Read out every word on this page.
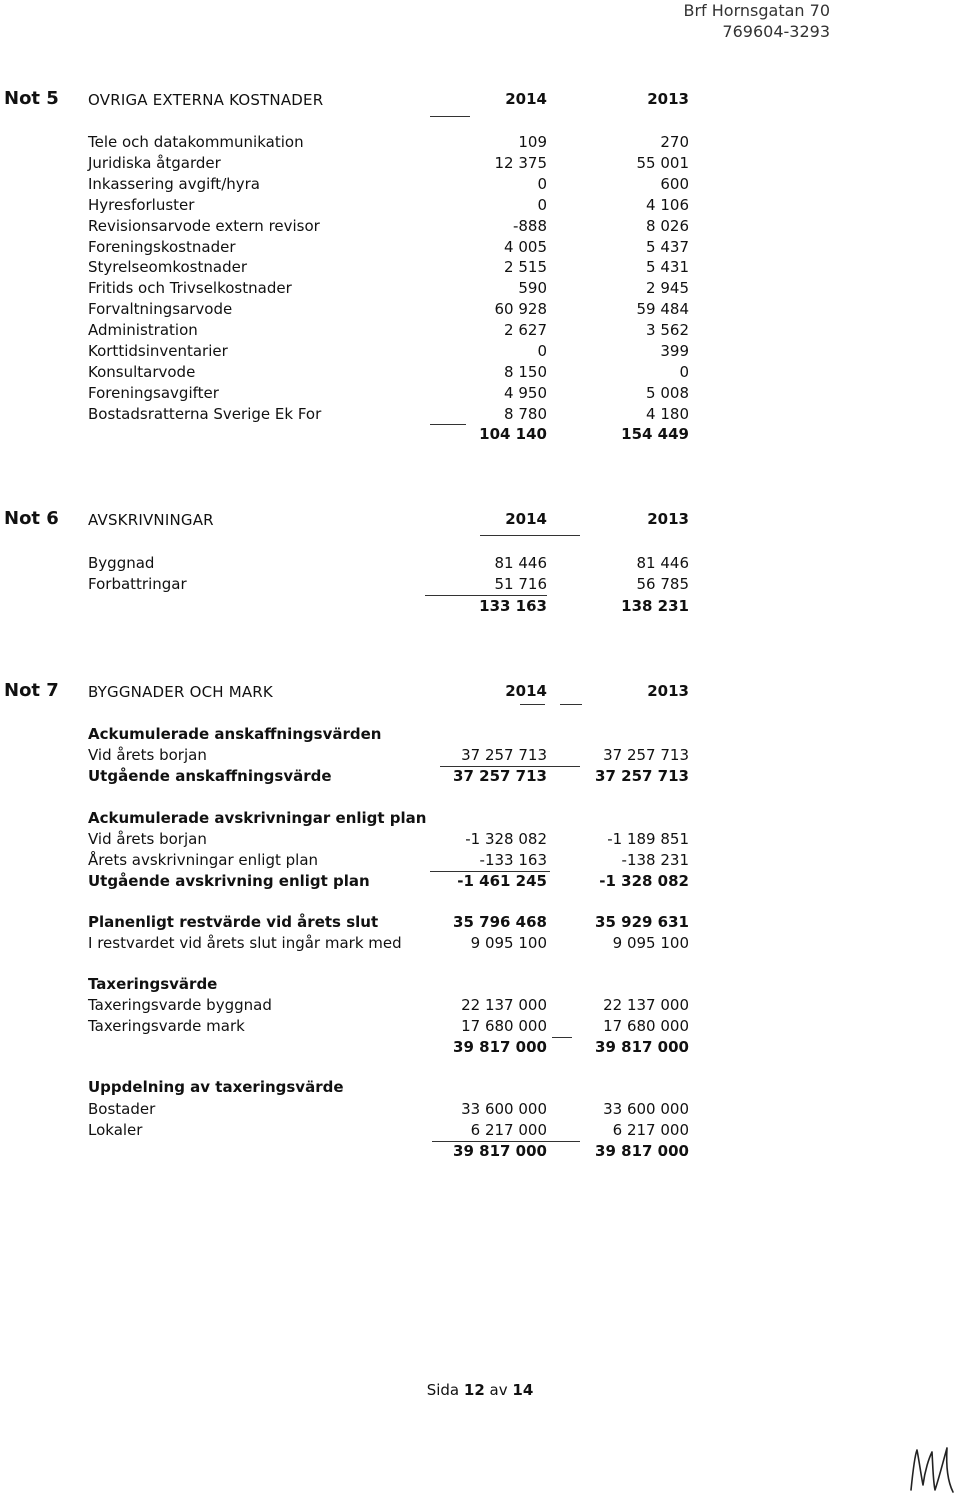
Brf Hornsgatan 70
769604-3293
Not 5 OVRIGA EXTERNA KOSTNADER	2014	2013
Tele och datakommunikation	109	270
Juridiska åtgarder	12 375	55 001
Inkassering avgift/hyra	0	600
Hyresforluster	0	4 106
Revisionsarvode extern revisor	-888	8 026
Foreningskostnader	4 005	5 437
Styrelseomkostnader	2 515	5 431
Fritids och Trivselkostnader	590	2 945
Forvaltningsarvode	60 928	59 484
Administration	2 627	3 562
Korttidsinventarier	0	399
Konsultarvode	8 150	0
Foreningsavgifter	4 950	5 008
Bostadsratterna Sverige Ek For	8 780	4 180
104 140	154 449
Not 6 AVSKRIVNINGAR	2014	2013
Byggnad	81 446	81 446
Forbattringar	51 716	56 785
133 163	138 231
Not 7 BYGGNADER OCH MARK	2014	2013
Ackumulerade anskaffningsvärden
Vid årets borjan	37 257 713	37 257 713
Utgående anskaffningsvärde	37 257 713	37 257 713
Ackumulerade avskrivningar enligt plan
Vid årets borjan	-1 328 082	-1 189 851
Årets avskrivningar enligt plan	-133 163	-138 231
Utgående avskrivning enligt plan	-1 461 245	-1 328 082
Planenligt restvärde vid årets slut	35 796 468	35 929 631
I restvardet vid årets slut ingår mark med	9 095 100	9 095 100
Taxeringsvärde
Taxeringsvarde byggnad	22 137 000	22 137 000
Taxeringsvarde mark	17 680 000	17 680 000
39 817 000	39 817 000
Uppdelning av taxeringsvärde
Bostader	33 600 000	33 600 000
Lokaler	6 217 000	6 217 000
39 817 000	39 817 000
Sida 12 av 14
